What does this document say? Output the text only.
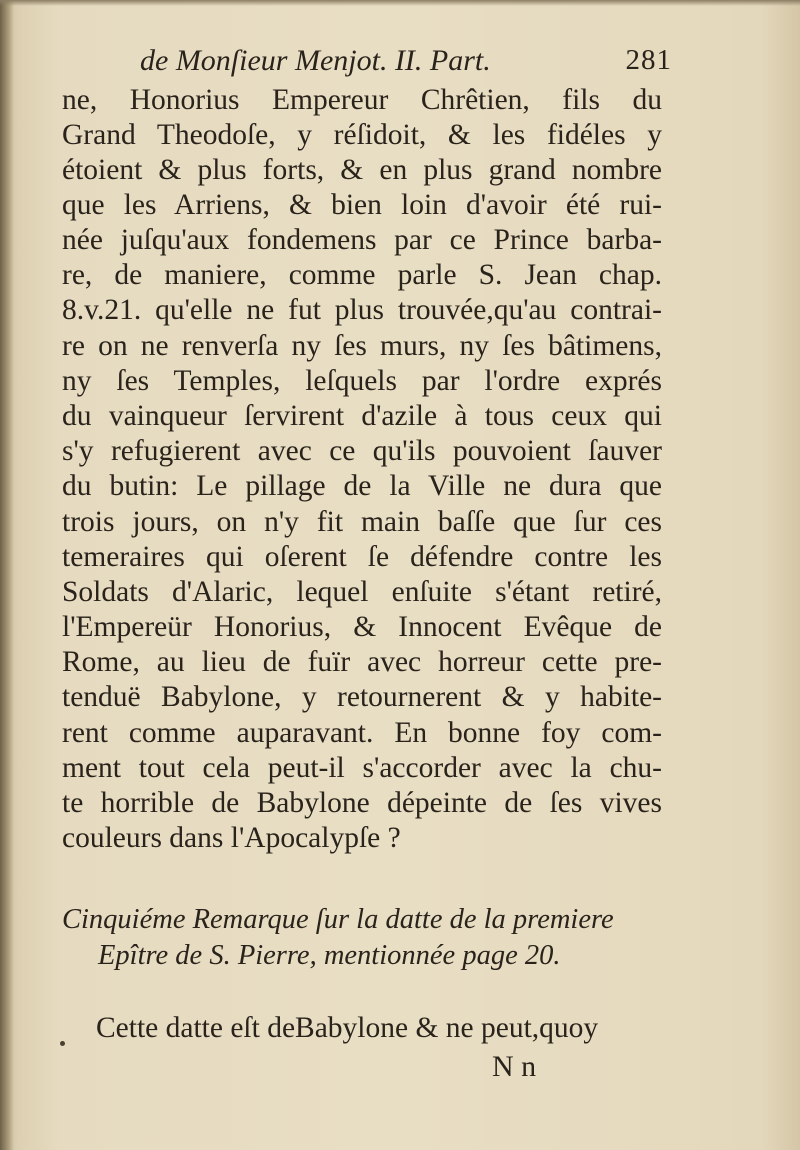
de Monſieur Menjot. II. Part.	281
ne, Honorius Empereur Chrêtien, fils du
Grand Theodoſe, y réſidoit, & les fidéles y
étoient & plus forts, & en plus grand nombre
que les Arriens, & bien loin d'avoir été rui-
née juſqu'aux fondemens par ce Prince barba-
re, de maniere, comme parle S. Jean chap.
8.v.21. qu'elle ne fut plus trouvée,qu'au contrai-
re on ne renverſa ny ſes murs, ny ſes bâtimens,
ny ſes Temples, leſquels par l'ordre exprés
du vainqueur ſervirent d'azile à tous ceux qui
s'y refugierent avec ce qu'ils pouvoient ſauver
du butin: Le pillage de la Ville ne dura que
trois jours, on n'y fit main baſſe que ſur ces
temeraires qui oſerent ſe défendre contre les
Soldats d'Alaric, lequel enſuite s'étant retiré,
l'Empereür Honorius, & Innocent Evêque de
Rome, au lieu de fuïr avec horreur cette pre-
tenduë Babylone, y retournerent & y habite-
rent comme auparavant. En bonne foy com-
ment tout cela peut-il s'accorder avec la chu-
te horrible de Babylone dépeinte de ſes vives
couleurs dans l'Apocalypſe ?
Cinquiéme Remarque ſur la datte de la premiere
Epître de S. Pierre, mentionnée page 20.
Cette datte eſt deBabylone & ne peut,quoy
N n
